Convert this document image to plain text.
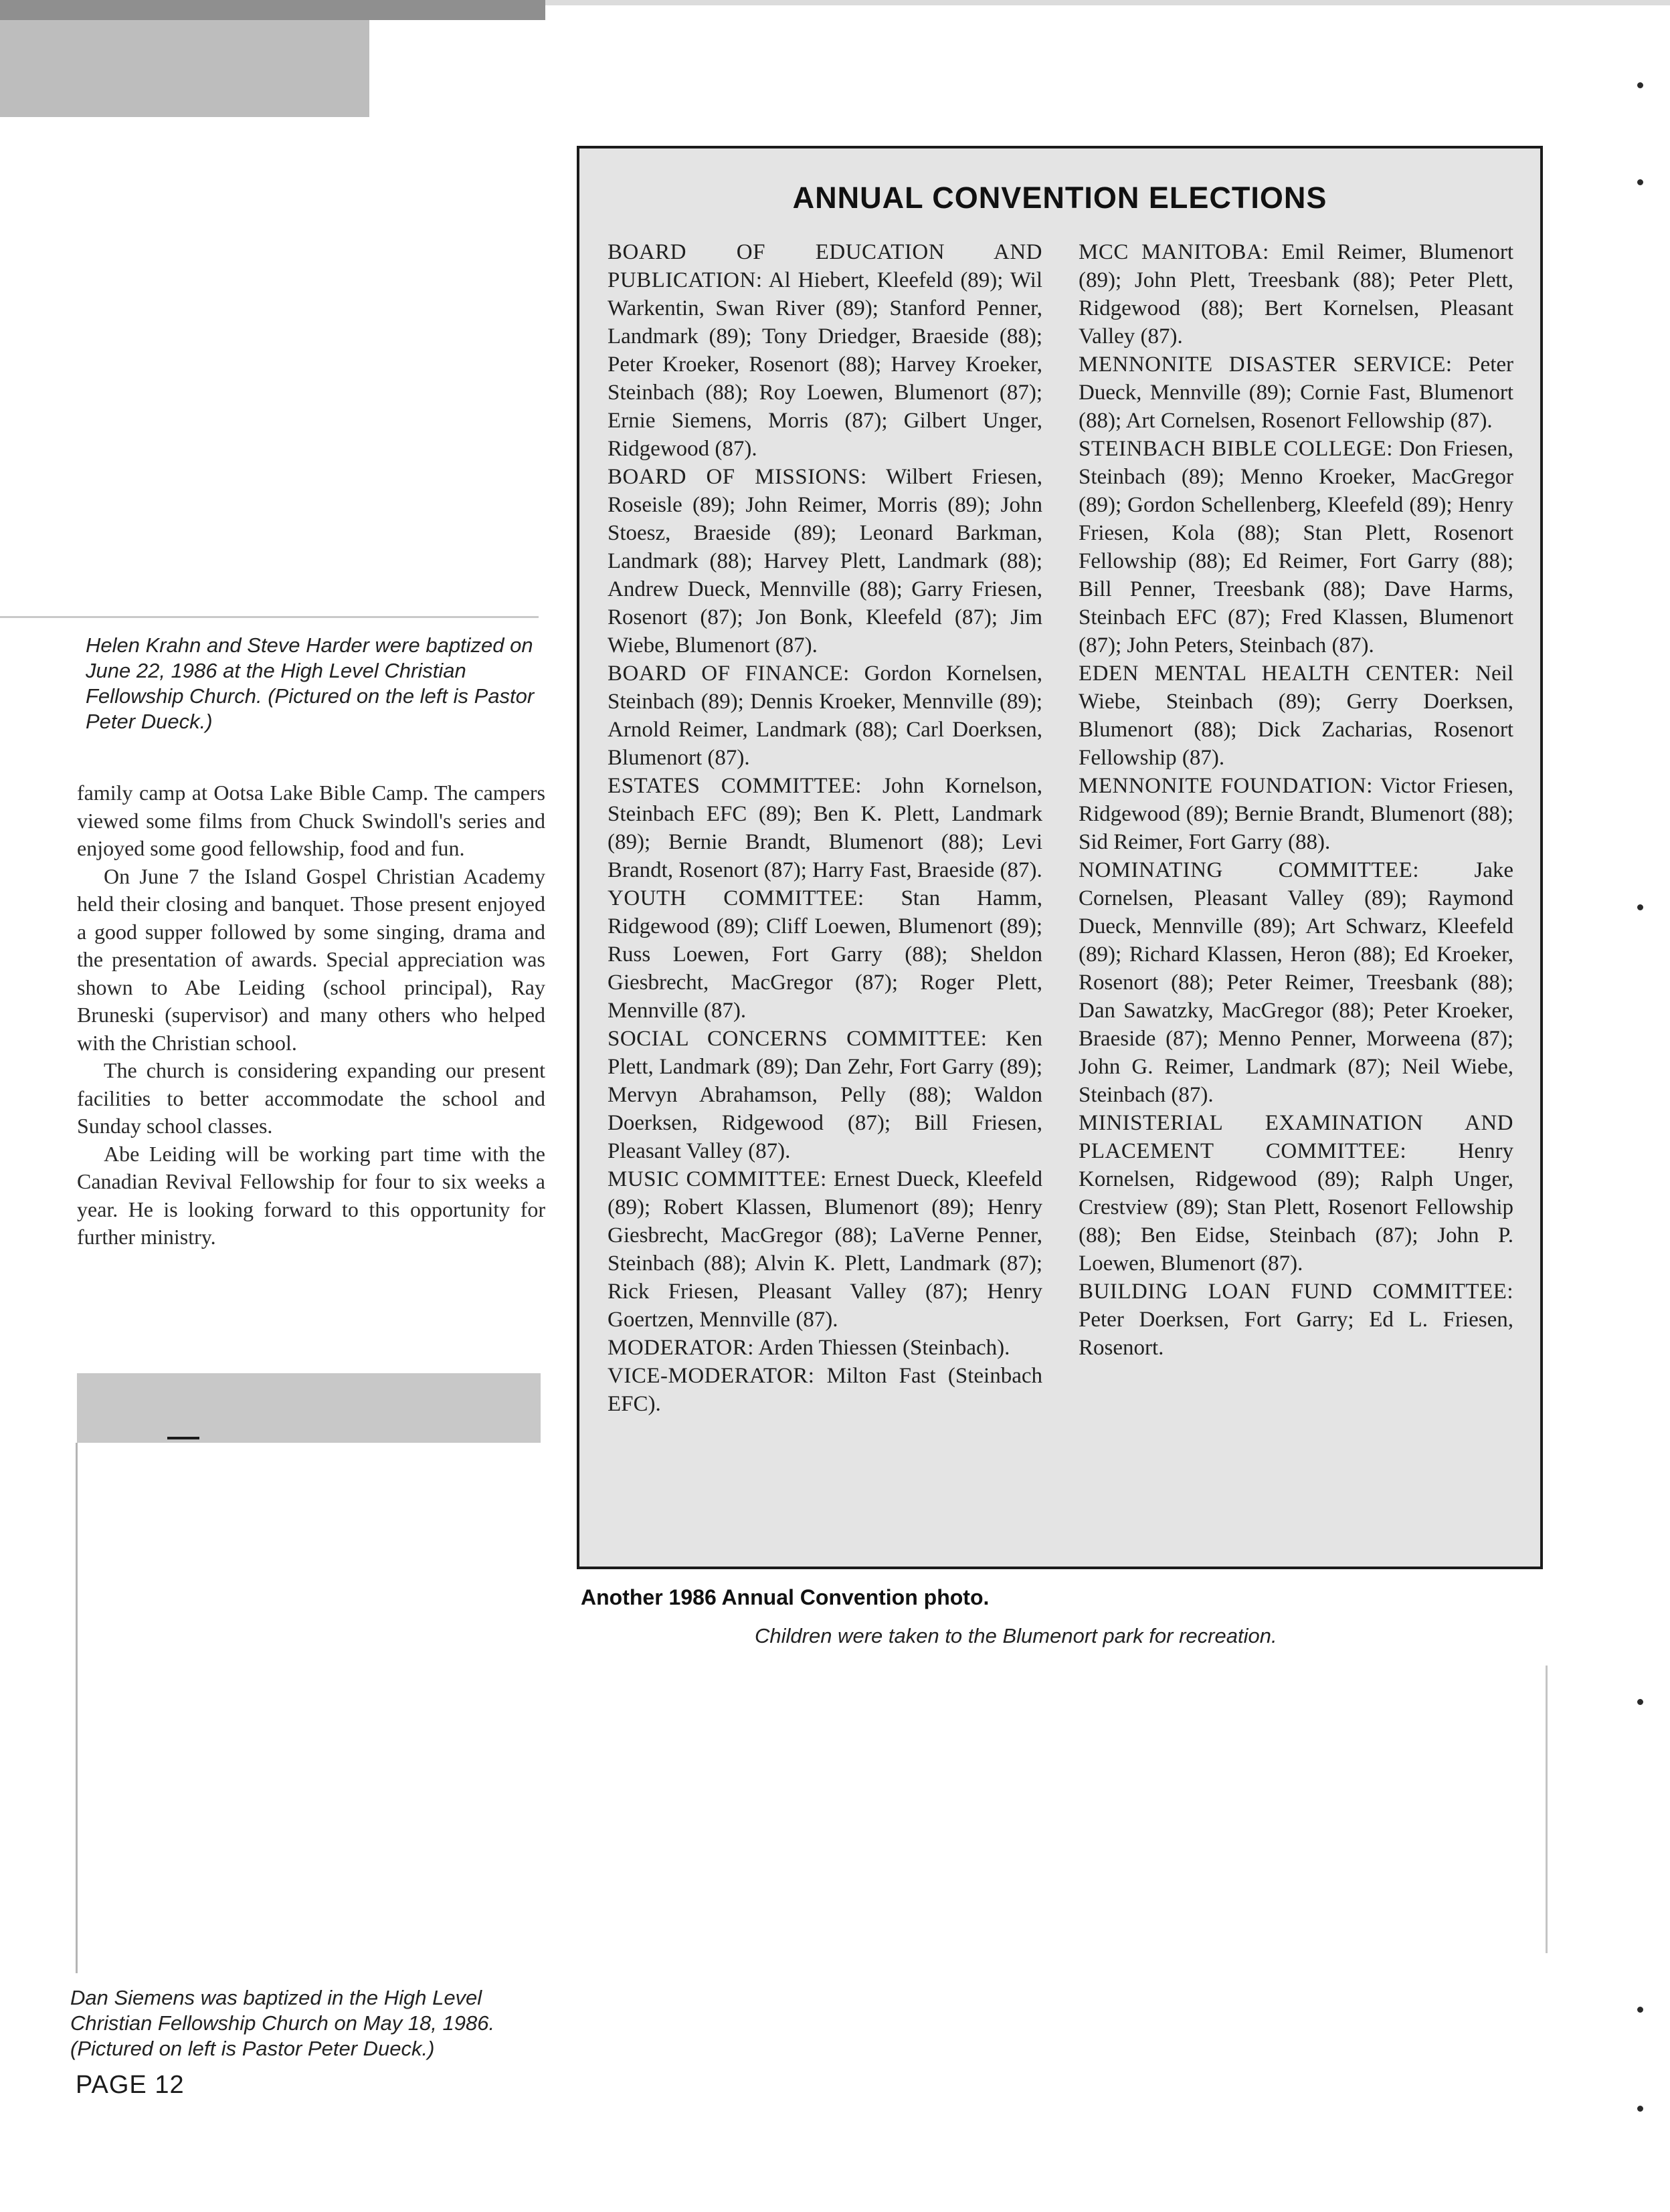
Helen Krahn and Steve Harder were baptized on June 22, 1986 at the High Level Christian Fellowship Church. (Pictured on the left is Pastor Peter Dueck.)

family camp at Ootsa Lake Bible Camp. The campers viewed some films from Chuck Swindoll's series and enjoyed some good fellowship, food and fun.

On June 7 the Island Gospel Christian Academy held their closing and banquet. Those present enjoyed a good supper followed by some singing, drama and the presentation of awards. Special appreciation was shown to Abe Leiding (school principal), Ray Bruneski (supervisor) and many others who helped with the Christian school.

The church is considering expanding our present facilities to better accommodate the school and Sunday school classes.

Abe Leiding will be working part time with the Canadian Revival Fellowship for four to six weeks a year. He is looking forward to this opportunity for further ministry.

Dan Siemens was baptized in the High Level Christian Fellowship Church on May 18, 1986. (Pictured on left is Pastor Peter Dueck.)
PAGE 12
ANNUAL CONVENTION ELECTIONS

BOARD OF EDUCATION AND PUBLICATION: Al Hiebert, Kleefeld (89); Wil Warkentin, Swan River (89); Stanford Penner, Landmark (89); Tony Driedger, Braeside (88); Peter Kroeker, Rosenort (88); Harvey Kroeker, Steinbach (88); Roy Loewen, Blumenort (87); Ernie Siemens, Morris (87); Gilbert Unger, Ridgewood (87).

BOARD OF MISSIONS: Wilbert Friesen, Roseisle (89); John Reimer, Morris (89); John Stoesz, Braeside (89); Leonard Barkman, Landmark (88); Harvey Plett, Landmark (88); Andrew Dueck, Mennville (88); Garry Friesen, Rosenort (87); Jon Bonk, Kleefeld (87); Jim Wiebe, Blumenort (87).

BOARD OF FINANCE: Gordon Kornelsen, Steinbach (89); Dennis Kroeker, Mennville (89); Arnold Reimer, Landmark (88); Carl Doerksen, Blumenort (87).

ESTATES COMMITTEE: John Kornelson, Steinbach EFC (89); Ben K. Plett, Landmark (89); Bernie Brandt, Blumenort (88); Levi Brandt, Rosenort (87); Harry Fast, Braeside (87).

YOUTH COMMITTEE: Stan Hamm, Ridgewood (89); Cliff Loewen, Blumenort (89); Russ Loewen, Fort Garry (88); Sheldon Giesbrecht, MacGregor (87); Roger Plett, Mennville (87).

SOCIAL CONCERNS COMMITTEE: Ken Plett, Landmark (89); Dan Zehr, Fort Garry (89); Mervyn Abrahamson, Pelly (88); Waldon Doerksen, Ridgewood (87); Bill Friesen, Pleasant Valley (87).

MUSIC COMMITTEE: Ernest Dueck, Kleefeld (89); Robert Klassen, Blumenort (89); Henry Giesbrecht, MacGregor (88); LaVerne Penner, Steinbach (88); Alvin K. Plett, Landmark (87); Rick Friesen, Pleasant Valley (87); Henry Goertzen, Mennville (87).

MODERATOR: Arden Thiessen (Steinbach).

VICE-MODERATOR: Milton Fast (Steinbach EFC).

MCC MANITOBA: Emil Reimer, Blumenort (89); John Plett, Treesbank (88); Peter Plett, Ridgewood (88); Bert Kornelsen, Pleasant Valley (87).

MENNONITE DISASTER SERVICE: Peter Dueck, Mennville (89); Cornie Fast, Blumenort (88); Art Cornelsen, Rosenort Fellowship (87).

STEINBACH BIBLE COLLEGE: Don Friesen, Steinbach (89); Menno Kroeker, MacGregor (89); Gordon Schellenberg, Kleefeld (89); Henry Friesen, Kola (88); Stan Plett, Rosenort Fellowship (88); Ed Reimer, Fort Garry (88); Bill Penner, Treesbank (88); Dave Harms, Steinbach EFC (87); Fred Klassen, Blumenort (87); John Peters, Steinbach (87).

EDEN MENTAL HEALTH CENTER: Neil Wiebe, Steinbach (89); Gerry Doerksen, Blumenort (88); Dick Zacharias, Rosenort Fellowship (87).

MENNONITE FOUNDATION: Victor Friesen, Ridgewood (89); Bernie Brandt, Blumenort (88); Sid Reimer, Fort Garry (88).

NOMINATING COMMITTEE: Jake Cornelsen, Pleasant Valley (89); Raymond Dueck, Mennville (89); Art Schwarz, Kleefeld (89); Richard Klassen, Heron (88); Ed Kroeker, Rosenort (88); Peter Reimer, Treesbank (88); Dan Sawatzky, MacGregor (88); Peter Kroeker, Braeside (87); Menno Penner, Morweena (87); John G. Reimer, Landmark (87); Neil Wiebe, Steinbach (87).

MINISTERIAL EXAMINATION AND PLACEMENT COMMITTEE: Henry Kornelsen, Ridgewood (89); Ralph Unger, Crestview (89); Stan Plett, Rosenort Fellowship (88); Ben Eidse, Steinbach (87); John P. Loewen, Blumenort (87).

BUILDING LOAN FUND COMMITTEE: Peter Doerksen, Fort Garry; Ed L. Friesen, Rosenort.

Another 1986 Annual Convention photo.
Children were taken to the Blumenort park for recreation.
